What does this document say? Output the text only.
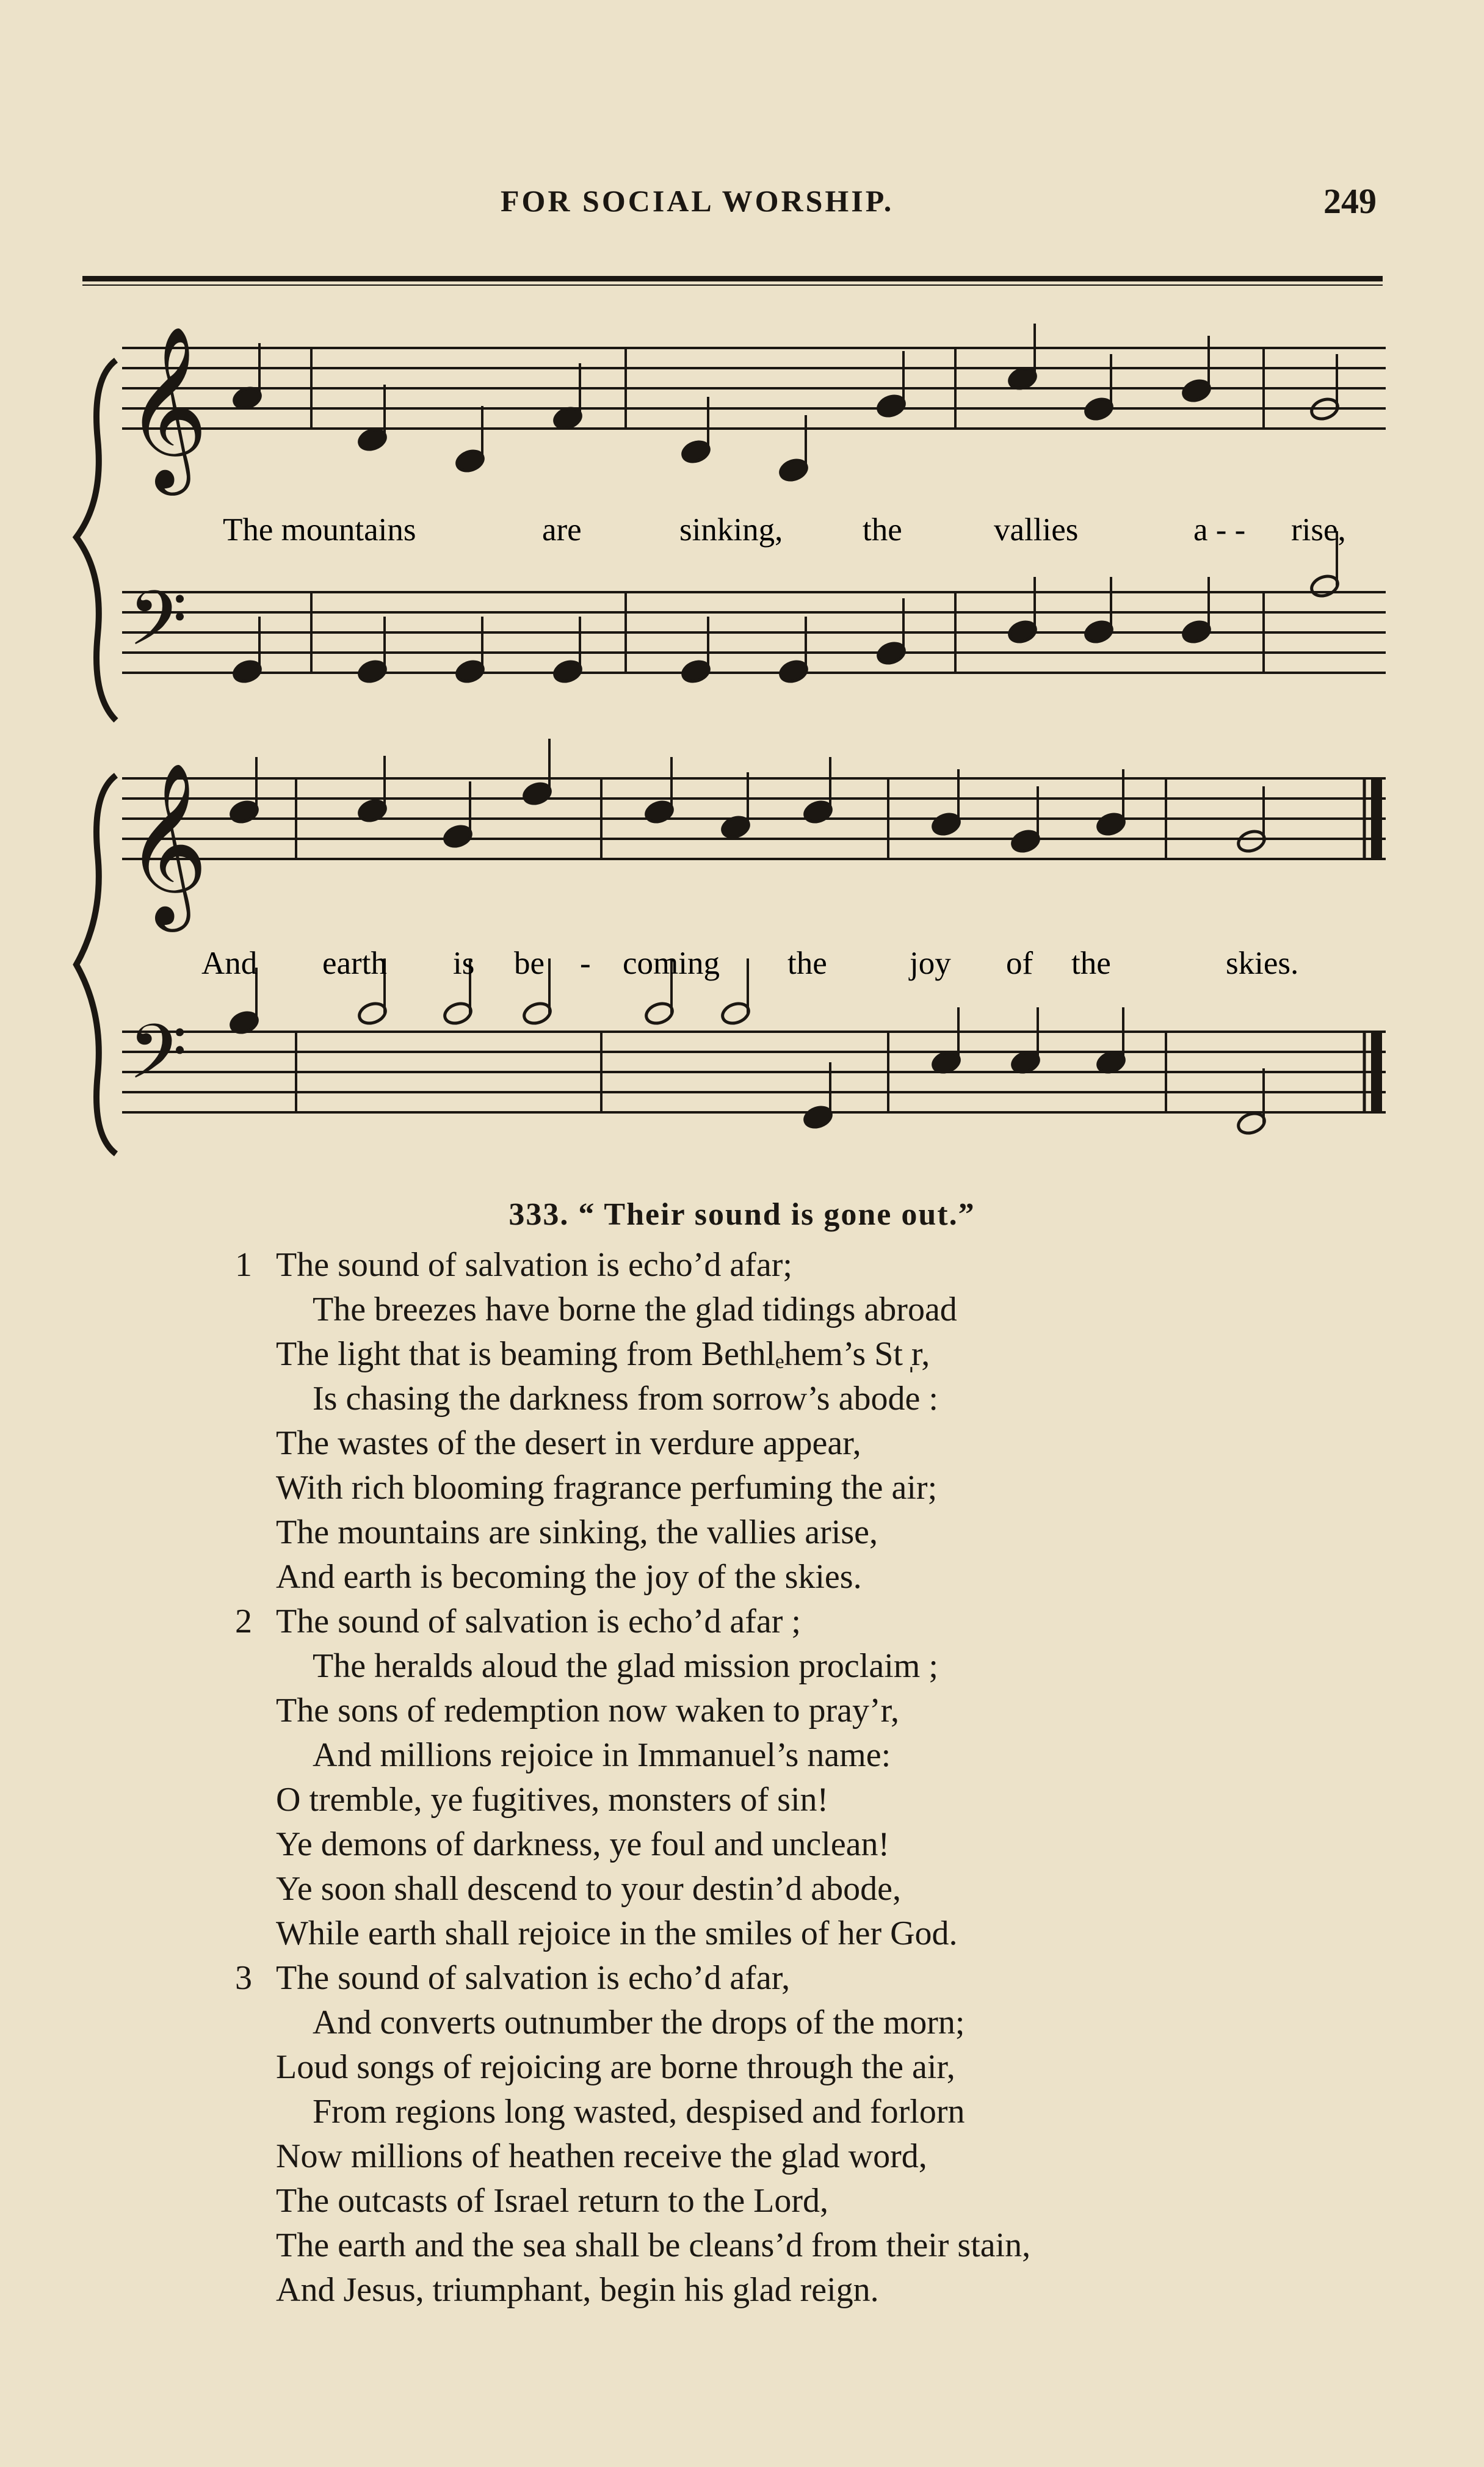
FOR SOCIAL WORSHIP.	249
𝄞
𝄞
𝄢
𝄢
The mountains	are	sinking, the	vallies	a - - rise,
And earth is be - coming the	joy of the	skies.
333. “ Their sound is gone out.”
1 The sound of salvation is echo’d afar;
The breezes have borne the glad tidings abroad
The light that is beaming from Bethlₑhem’s St ̩r,
Is chasing the darkness from sorrow’s abode :
The wastes of the desert in verdure appear,
With rich blooming fragrance perfuming the air;
The mountains are sinking, the vallies arise,
And earth is becoming the joy of the skies.
2 The sound of salvation is echo’d afar ;
The heralds aloud the glad mission proclaim ;
The sons of redemption now waken to pray’r,
And millions rejoice in Immanuel’s name:
O tremble, ye fugitives, monsters of sin!
Ye demons of darkness, ye foul and unclean!
Ye soon shall descend to your destin’d abode,
While earth shall rejoice in the smiles of her God.
3 The sound of salvation is echo’d afar,
And converts outnumber the drops of the morn;
Loud songs of rejoicing are borne through the air,
From regions long wasted, despised and forlorn
Now millions of heathen receive the glad word,
The outcasts of Israel return to the Lord,
The earth and the sea shall be cleans’d from their stain,
And Jesus, triumphant, begin his glad reign.
